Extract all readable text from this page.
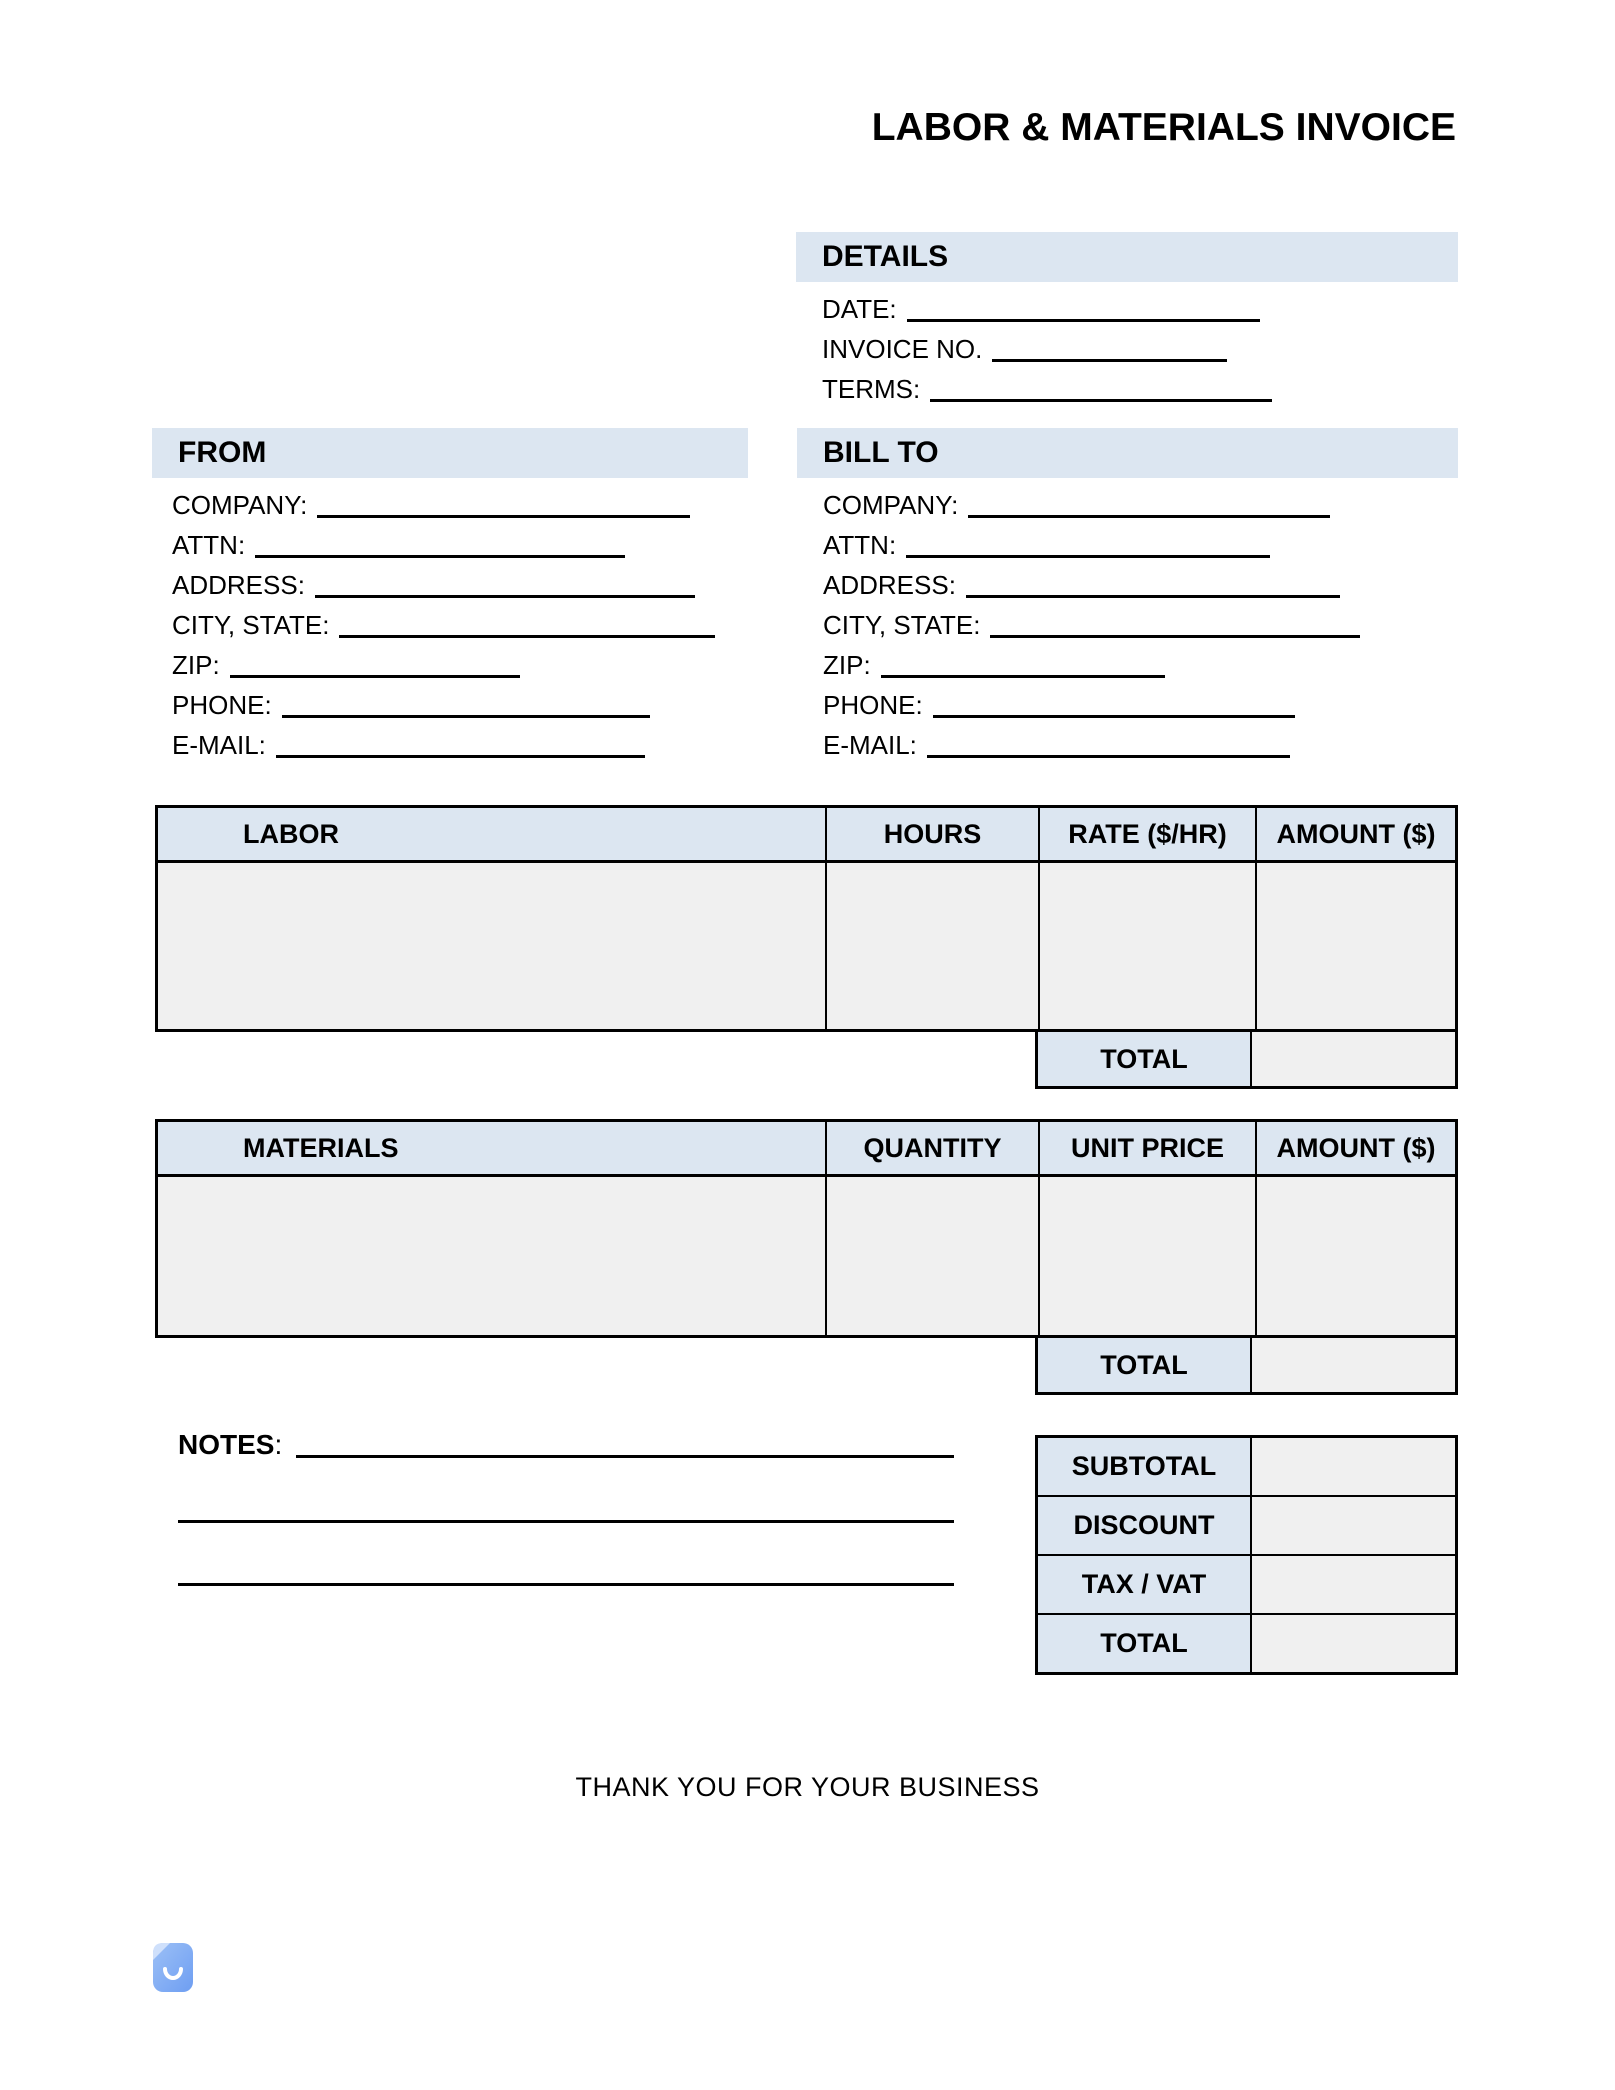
LABOR & MATERIALS INVOICE
DETAILS
DATE:
INVOICE NO.
TERMS:
FROM
COMPANY:
ATTN:
ADDRESS:
CITY, STATE:
ZIP:
PHONE:
E-MAIL:
BILL TO
COMPANY:
ATTN:
ADDRESS:
CITY, STATE:
ZIP:
PHONE:
E-MAIL:
LABOR	HOURS	RATE ($/HR)	AMOUNT ($)
TOTAL
MATERIALS	QUANTITY	UNIT PRICE	AMOUNT ($)
TOTAL
NOTES :
SUBTOTAL
DISCOUNT
TAX / VAT
TOTAL
THANK YOU FOR YOUR BUSINESS
